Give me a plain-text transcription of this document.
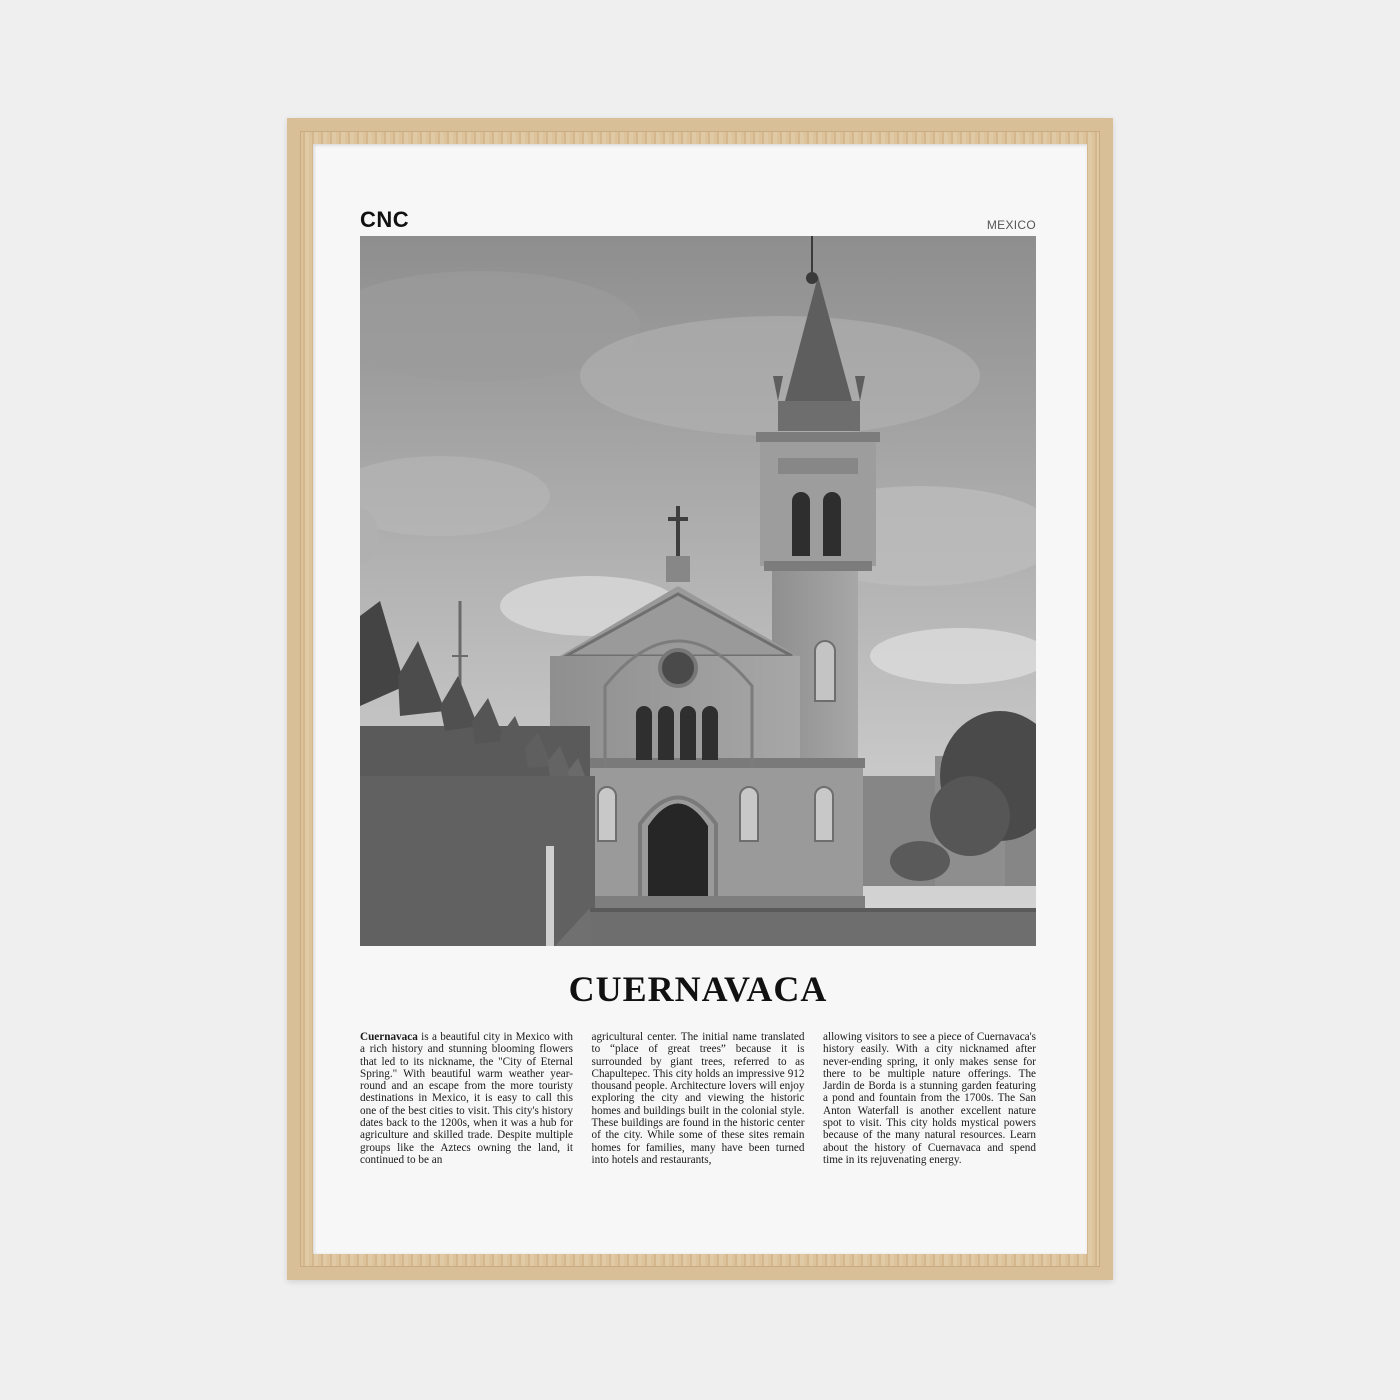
CNC	MEXICO
CUERNAVACA

Cuernavaca is a beautiful city in Mexico with a rich history and stunning blooming flowers that led to its nickname, the "City of Eternal Spring." With beautiful warm weather year-round and an escape from the more touristy destinations in Mexico, it is easy to call this one of the best cities to visit. This city's history dates back to the 1200s, when it was a hub for agriculture and skilled trade. Despite multiple groups like the Aztecs owning the land, it continued to be an

agricultural center. The initial name translated to “place of great trees” because it is surrounded by giant trees, referred to as Chapultepec. This city holds an impressive 912 thousand people. Architecture lovers will enjoy exploring the city and viewing the historic homes and buildings built in the colonial style. These buildings are found in the historic center of the city. While some of these sites remain homes for families, many have been turned into hotels and restaurants,

allowing visitors to see a piece of Cuernavaca's history easily. With a city nicknamed after never-ending spring, it only makes sense for there to be multiple nature offerings. The Jardin de Borda is a stunning garden featuring a pond and fountain from the 1700s. The San Anton Waterfall is another excellent nature spot to visit. This city holds mystical powers because of the many natural resources. Learn about the history of Cuernavaca and spend time in its rejuvenating energy.
